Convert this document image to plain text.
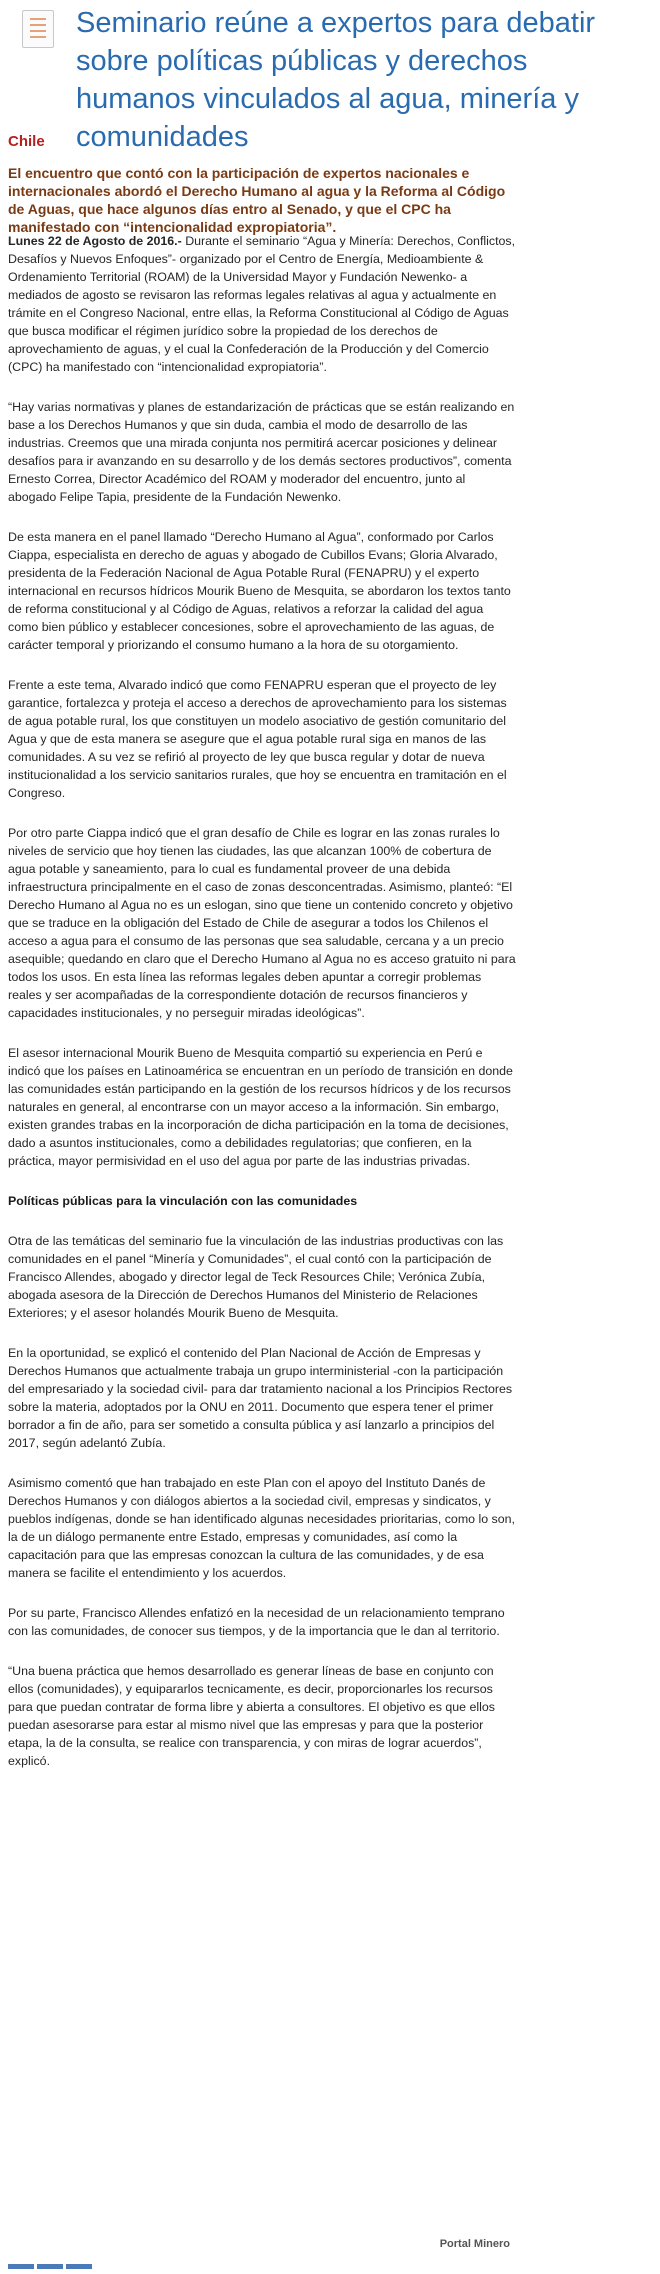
Seminario reúne a expertos para debatir sobre políticas públicas y derechos humanos vinculados al agua, minería y comunidades

Chile

El encuentro que contó con la participación de expertos nacionales e internacionales abordó el Derecho Humano al agua y la Reforma al Código de Aguas, que hace algunos días entro al Senado, y que el CPC ha manifestado con “intencionalidad expropiatoria”.

Lunes 22 de Agosto de 2016.- Durante el seminario “Agua y Minería: Derechos, Conflictos, Desafíos y Nuevos Enfoques”- organizado por el Centro de Energía, Medioambiente & Ordenamiento Territorial (ROAM) de la Universidad Mayor y Fundación Newenko- a mediados de agosto se revisaron las reformas legales relativas al agua y actualmente en trámite en el Congreso Nacional, entre ellas, la Reforma Constitucional al Código de Aguas que busca modificar el régimen jurídico sobre la propiedad de los derechos de aprovechamiento de aguas, y el cual la Confederación de la Producción y del Comercio (CPC) ha manifestado con “intencionalidad expropiatoria”.

“Hay varias normativas y planes de estandarización de prácticas que se están realizando en base a los Derechos Humanos y que sin duda, cambia el modo de desarrollo de las industrias. Creemos que una mirada conjunta nos permitirá acercar posiciones y delinear desafíos para ir avanzando en su desarrollo y de los demás sectores productivos”, comenta Ernesto Correa, Director Académico del ROAM y moderador del encuentro, junto al abogado Felipe Tapia, presidente de la Fundación Newenko.

De esta manera en el panel llamado “Derecho Humano al Agua”, conformado por Carlos Ciappa, especialista en derecho de aguas y abogado de Cubillos Evans; Gloria Alvarado, presidenta de la Federación Nacional de Agua Potable Rural (FENAPRU) y el experto internacional en recursos hídricos Mourik Bueno de Mesquita, se abordaron los textos tanto de reforma constitucional y al Código de Aguas, relativos a reforzar la calidad del agua como bien público y establecer concesiones, sobre el aprovechamiento de las aguas, de carácter temporal y priorizando el consumo humano a la hora de su otorgamiento.

Frente a este tema, Alvarado indicó que como FENAPRU esperan que el proyecto de ley garantice, fortalezca y proteja el acceso a derechos de aprovechamiento para los sistemas de agua potable rural, los que constituyen un modelo asociativo de gestión comunitario del Agua y que de esta manera se asegure que el agua potable rural siga en manos de las comunidades. A su vez se refirió al proyecto de ley que busca regular y dotar de nueva institucionalidad a los servicio sanitarios rurales, que hoy se encuentra en tramitación en el Congreso.

Por otro parte Ciappa indicó que el gran desafío de Chile es lograr en las zonas rurales lo niveles de servicio que hoy tienen las ciudades, las que alcanzan 100% de cobertura de agua potable y saneamiento, para lo cual es fundamental proveer de una debida infraestructura principalmente en el caso de zonas desconcentradas. Asimismo, planteó: “El Derecho Humano al Agua no es un eslogan, sino que tiene un contenido concreto y objetivo que se traduce en la obligación del Estado de Chile de asegurar a todos los Chilenos el acceso a agua para el consumo de las personas que sea saludable, cercana y a un precio asequible; quedando en claro que el Derecho Humano al Agua no es acceso gratuito ni para todos los usos. En esta línea las reformas legales deben apuntar a corregir problemas reales y ser acompañadas de la correspondiente dotación de recursos financieros y capacidades institucionales, y no perseguir miradas ideológicas”.

El asesor internacional Mourik Bueno de Mesquita compartió su experiencia en Perú e indicó que los países en Latinoamérica se encuentran en un período de transición en donde las comunidades están participando en la gestión de los recursos hídricos y de los recursos naturales en general, al encontrarse con un mayor acceso a la información. Sin embargo, existen grandes trabas en la incorporación de dicha participación en la toma de decisiones, dado a asuntos institucionales, como a debilidades regulatorias; que confieren, en la práctica, mayor permisividad en el uso del agua por parte de las industrias privadas.

Políticas públicas para la vinculación con las comunidades

Otra de las temáticas del seminario fue la vinculación de las industrias productivas con las comunidades en el panel “Minería y Comunidades”, el cual contó con la participación de Francisco Allendes, abogado y director legal de Teck Resources Chile; Verónica Zubía, abogada asesora de la Dirección de Derechos Humanos del Ministerio de Relaciones Exteriores; y el asesor holandés Mourik Bueno de Mesquita.

En la oportunidad, se explicó el contenido del Plan Nacional de Acción de Empresas y Derechos Humanos que actualmente trabaja un grupo interministerial -con la participación del empresariado y la sociedad civil- para dar tratamiento nacional a los Principios Rectores sobre la materia, adoptados por la ONU en 2011. Documento que espera tener el primer borrador a fin de año, para ser sometido a consulta pública y así lanzarlo a principios del 2017, según adelantó Zubía.

Asimismo comentó que han trabajado en este Plan con el apoyo del Instituto Danés de Derechos Humanos y con diálogos abiertos a la sociedad civil, empresas y sindicatos, y pueblos indígenas, donde se han identificado algunas necesidades prioritarias, como lo son, la de un diálogo permanente entre Estado, empresas y comunidades, así como la capacitación para que las empresas conozcan la cultura de las comunidades, y de esa manera se facilite el entendimiento y los acuerdos.

Por su parte, Francisco Allendes enfatizó en la necesidad de un relacionamiento temprano con las comunidades, de conocer sus tiempos, y de la importancia que le dan al territorio.

“Una buena práctica que hemos desarrollado es generar líneas de base en conjunto con ellos (comunidades), y equipararlos tecnicamente, es decir, proporcionarles los recursos para que puedan contratar de forma libre y abierta a consultores. El objetivo es que ellos puedan asesorarse para estar al mismo nivel que las empresas y para que la posterior etapa, la de la consulta, se realice con transparencia, y con miras de lograr acuerdos”, explicó.

Portal Minero
